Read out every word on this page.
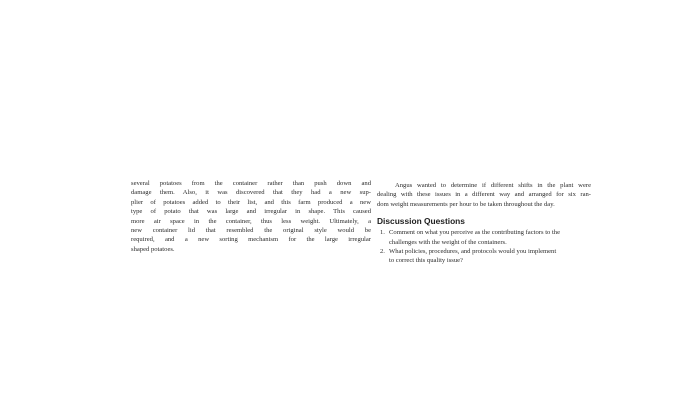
several potatoes from the container rather than push down and
damage them. Also, it was discovered that they had a new sup-
plier of potatoes added to their list, and this farm produced a new
type of potato that was large and irregular in shape. This caused
more air space in the container, thus less weight. Ultimately, a
new container lid that resembled the original style would be
required, and a new sorting mechanism for the large irregular
shaped potatoes.
Angus wanted to determine if different shifts in the plant were
dealing with these issues in a different way and arranged for six ran-
dom weight measurements per hour to be taken throughout the day.
Discussion Questions
1. Comment on what you perceive as the contributing factors to the
challenges with the weight of the containers.
2. What policies, procedures, and protocols would you implement
to correct this quality issue?
